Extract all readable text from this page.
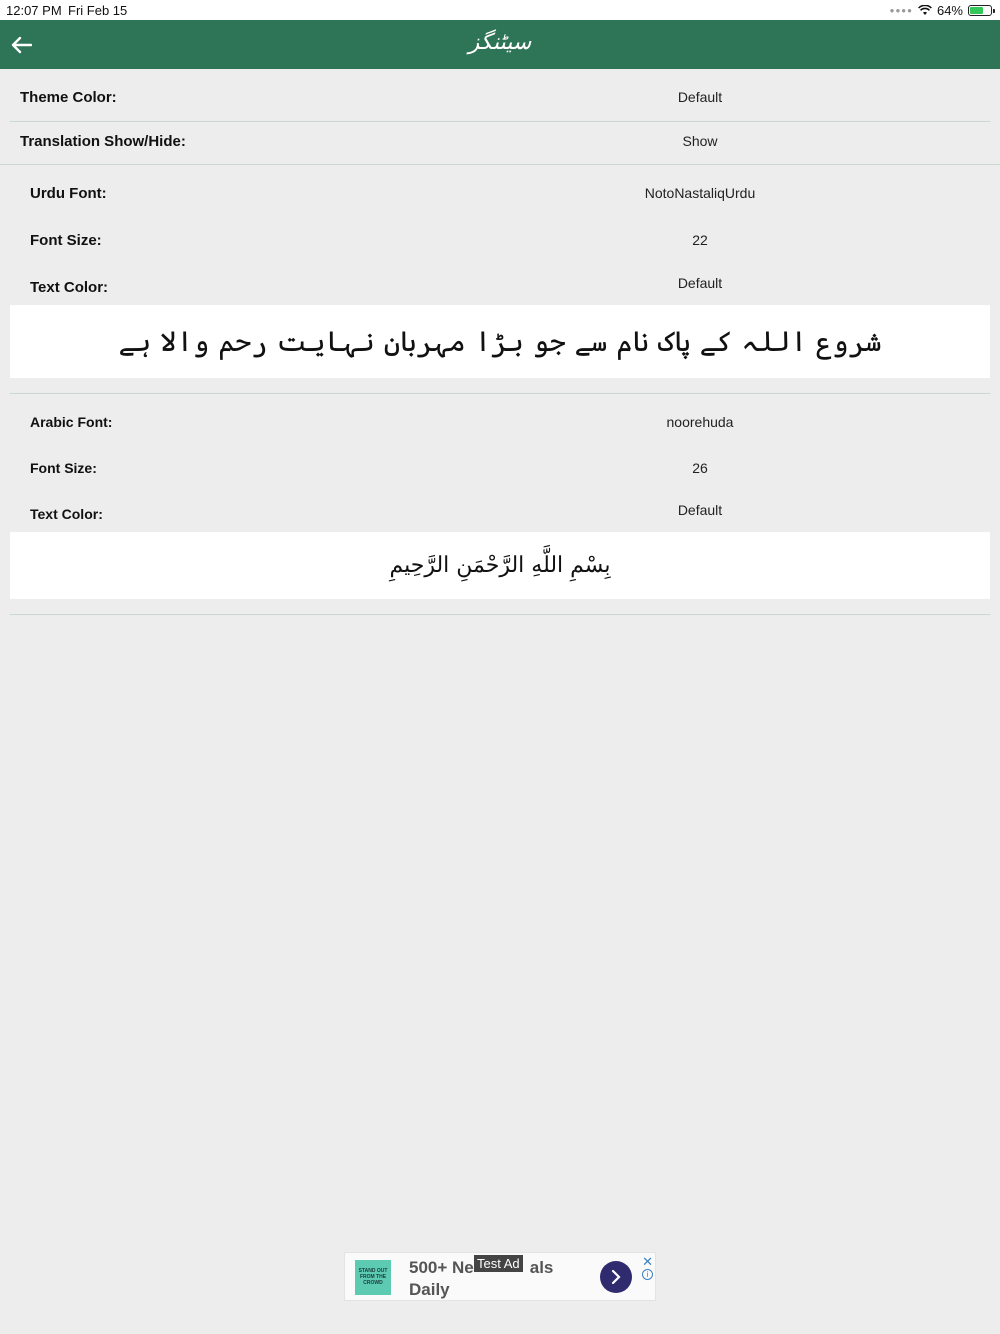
12:07 PM Fri Feb 15	●●●● 64%
سیٹنگز
Theme Color:	Default
Translation Show/Hide:	Show
Urdu Font:	NotoNastaliqUrdu
Font Size:	22
Text Color:	Default
شروع اللہ کے پاک نام سے جو بڑا مہربان نہایت رحم والا ہے
Arabic Font:	noorehuda
Font Size:	26
Text Color:	Default
بِسْمِ اللَّهِ الرَّحْمَنِ الرَّحِيمِ
STAND OUT FROM THE CROWD
500+ Ne	als
Daily
Test Ad	✕
i
